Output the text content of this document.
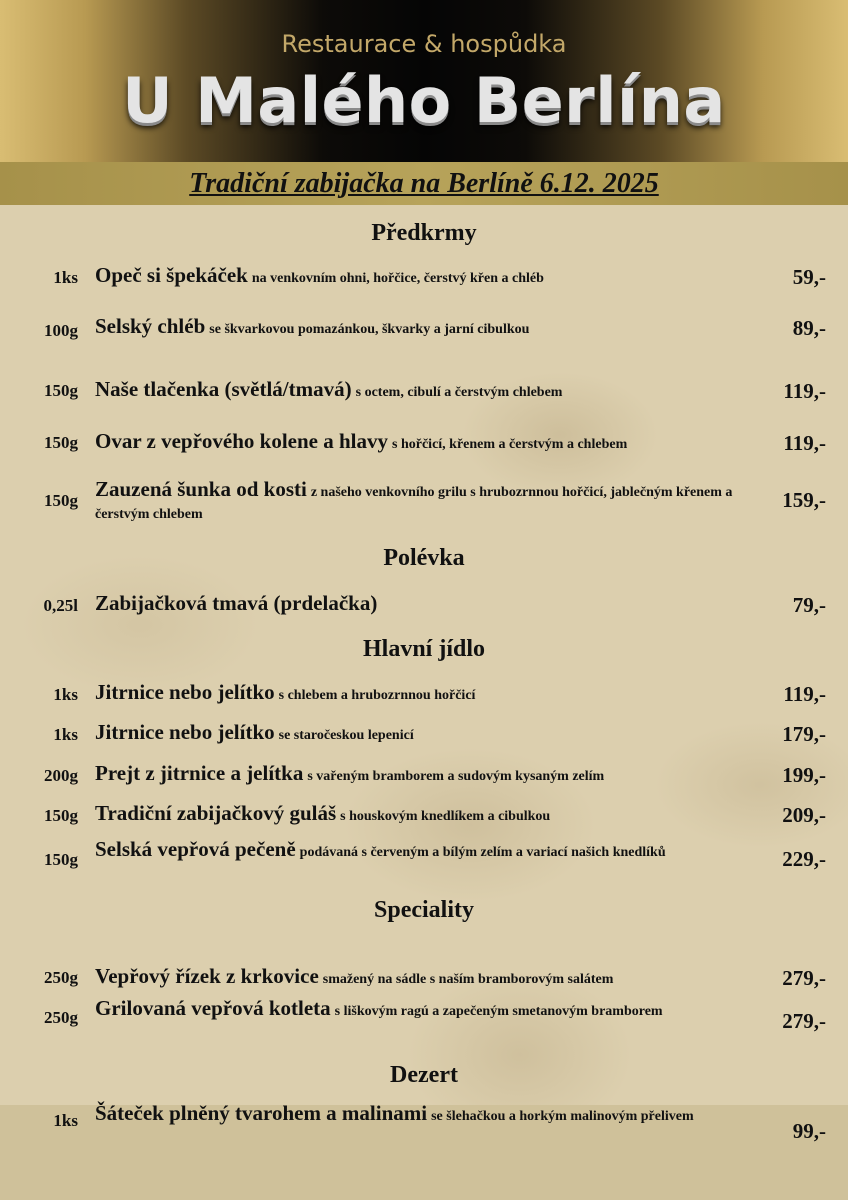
Restaurace & hospůdka
U Malého Berlína
Tradiční zabijačka na Berlíně 6.12. 2025
Předkrmy
1ks Opeč si špekáček na venkovním ohni, hořčice, čerstvý křen a chléb	59,-
100g Selský chléb se škvarkovou pomazánkou, škvarky a jarní cibulkou	89,-
150g Naše tlačenka (světlá/tmavá) s octem, cibulí a čerstvým chlebem	119,-
150g Ovar z vepřového kolene a hlavy s hořčicí, křenem a čerstvým a chlebem	119,-
150g Zauzená šunka od kosti z našeho venkovního grilu s hrubozrnnou hořčicí, jablečným křenem a čerstvým chlebem
159,-
Polévka
0,25l Zabijačková tmavá (prdelačka)	79,-
Hlavní jídlo
1ks Jitrnice nebo jelítko s chlebem a hrubozrnnou hořčicí	119,-
1ks Jitrnice nebo jelítko se staročeskou lepenicí	179,-
200g Prejt z jitrnice a jelítka s vařeným bramborem a sudovým kysaným zelím	199,-
150g Tradiční zabijačkový guláš s houskovým knedlíkem a cibulkou	209,-
150g Selská vepřová pečeně podávaná s červeným a bílým zelím a variací našich knedlíků	229,-
Speciality
250g Vepřový řízek z krkovice smažený na sádle s naším bramborovým salátem	279,-
250g Grilovaná vepřová kotleta s liškovým ragú a zapečeným smetanovým bramborem	279,-
Dezert
1ks Šáteček plněný tvarohem a malinami se šlehačkou a horkým malinovým přelivem
99,-
